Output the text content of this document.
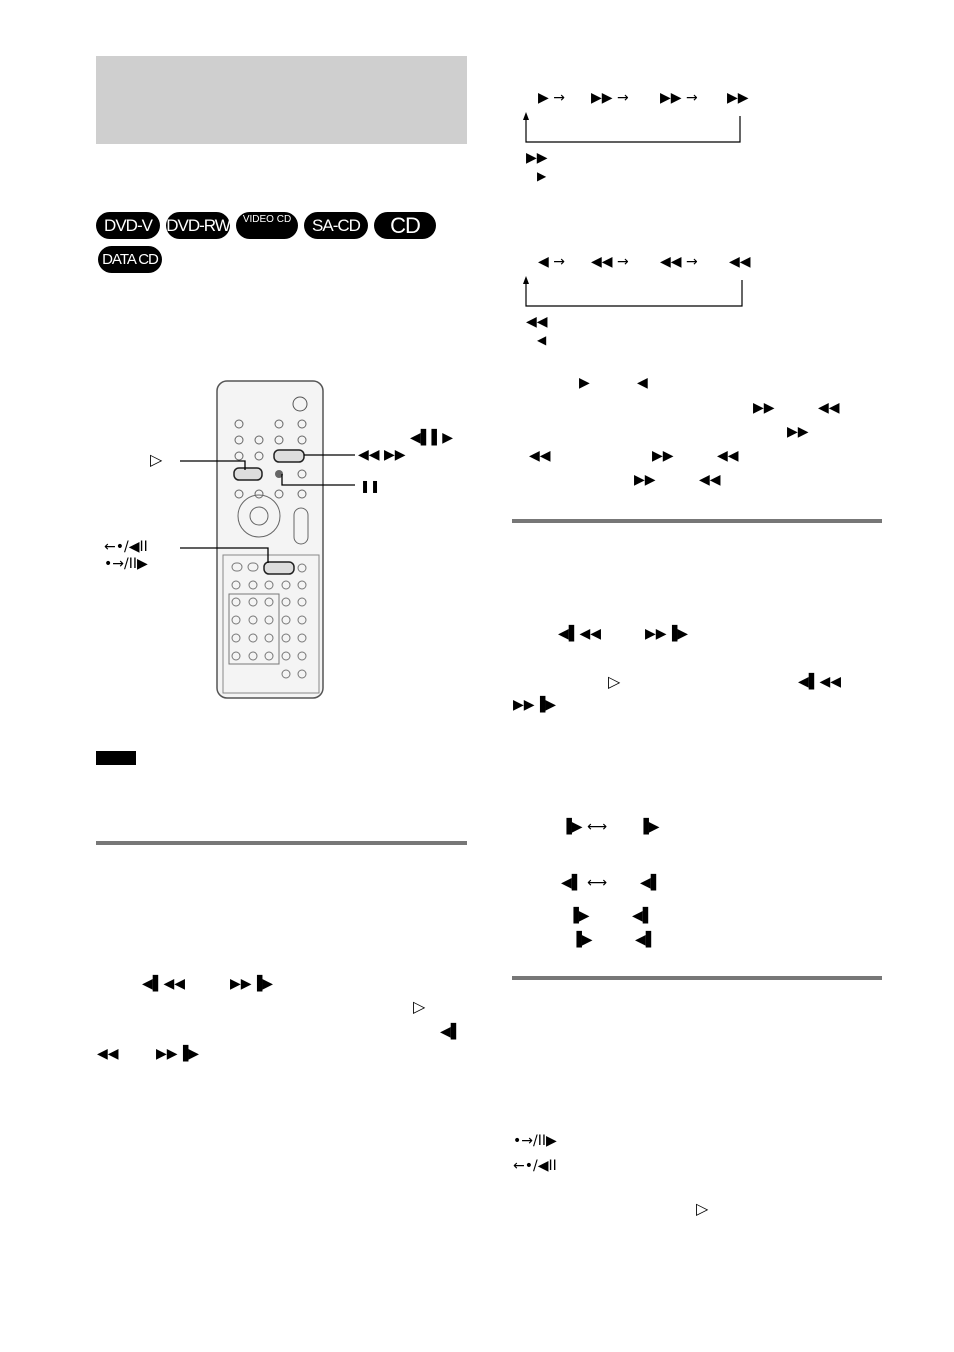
DVD-V DVD-RW	VIDEO CD	SA-CD	CD
DATA CD
▷
◀▌▌▶
◀◀ ▶▶
❚❚
←•/◀II
•→/II▶
◀▌◀◀	▶▶▐▶
▷
◀▌
◀◀	▶▶▐▶
▶ → ▶▶ → ▶▶ → ▶▶
▶▶
▶
◀ → ◀◀ → ◀◀ → ◀◀
◀◀
◀
▶	◀
▶▶	◀◀
▶▶
◀◀	▶▶	◀◀
▶▶	◀◀
◀▌◀◀	▶▶▐▶
▷	◀▌◀◀
▶▶▐▶
▐▶ ⟷ ▐▶
◀▌ ⟷ ◀▌
▐▶	◀▌
▐▶	◀▌
•→/II▶
←•/◀II
▷
